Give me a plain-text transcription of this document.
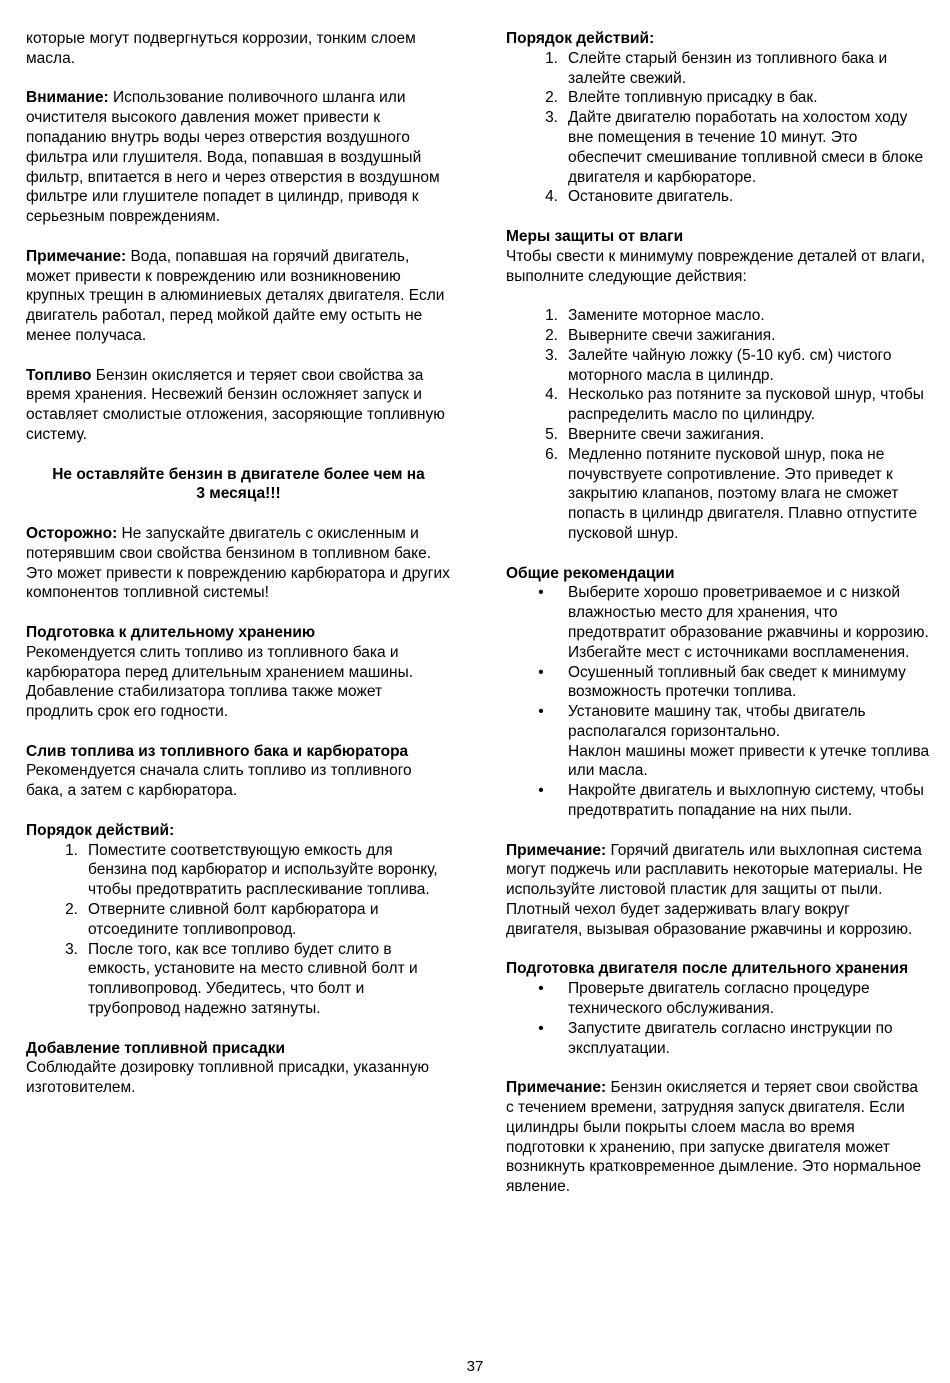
которые могут подвергнуться коррозии, тонким слоем масла.

Внимание: Использование поливочного шланга или очистителя высокого давления может привести к попаданию внутрь воды через отверстия воздушного фильтра или глушителя. Вода, попавшая в воздушный фильтр, впитается в него и через отверстия в воздушном фильтре или глушителе попадет в цилиндр, приводя к серьезным повреждениям.

Примечание: Вода, попавшая на горячий двигатель, может привести к повреждению или возникновению крупных трещин в алюминиевых деталях двигателя. Если двигатель работал, перед мойкой дайте ему остыть не менее получаса.

Топливо Бензин окисляется и теряет свои свойства за время хранения. Несвежий бензин осложняет запуск и оставляет смолистые отложения, засоряющие топливную систему.

Не оставляйте бензин в двигателе более чем на

3 месяца!!!

Осторожно: Не запускайте двигатель с окисленным и потерявшим свои свойства бензином в топливном баке. Это может привести к повреждению карбюратора и других компонентов топливной системы!

Подготовка к длительному хранению

Рекомендуется слить топливо из топливного бака и карбюратора перед длительным хранением машины. Добавление стабилизатора топлива также может продлить срок его годности.

Слив топлива из топливного бака и карбюратора

Рекомендуется сначала слить топливо из топливного бака, а затем с карбюратора.

Порядок действий:

1. Поместите соответствующую емкость для бензина под карбюратор и используйте воронку, чтобы предотвратить расплескивание топлива.
2. Отверните сливной болт карбюратора и отсоедините топливопровод.
3. После того, как все топливо будет слито в емкость, установите на место сливной болт и топливопровод. Убедитесь, что болт и трубопровод надежно затянуты.

Добавление топливной присадки

Соблюдайте дозировку топливной присадки, указанную изготовителем.

Порядок действий:

1. Слейте старый бензин из топливного бака и залейте свежий.
2. Влейте топливную присадку в бак.
3. Дайте двигателю поработать на холостом ходу вне помещения в течение 10 минут. Это обеспечит смешивание топливной смеси в блоке двигателя и карбюраторе.
4. Остановите двигатель.

Меры защиты от влаги

Чтобы свести к минимуму повреждение деталей от влаги, выполните следующие действия:

1. Замените моторное масло.
2. Выверните свечи зажигания.
3. Залейте чайную ложку (5-10 куб. см) чистого моторного масла в цилиндр.
4. Несколько раз потяните за пусковой шнур, чтобы распределить масло по цилиндру.
5. Вверните свечи зажигания.
6. Медленно потяните пусковой шнур, пока не почувствуете сопротивление. Это приведет к закрытию клапанов, поэтому влага не сможет попасть в цилиндр двигателя. Плавно отпустите пусковой шнур.

Общие рекомендации

• Выберите хорошо проветриваемое и с низкой влажностью место для хранения, что предотвратит образование ржавчины и коррозию. Избегайте мест с источниками воспламенения.
• Осушенный топливный бак сведет к минимуму возможность протечки топлива.
• Установите машину так, чтобы двигатель располагался горизонтально.
Наклон машины может привести к утечке топлива или масла.
• Накройте двигатель и выхлопную систему, чтобы предотвратить попадание на них пыли.

Примечание: Горячий двигатель или выхлопная система могут поджечь или расплавить некоторые материалы. Не используйте листовой пластик для защиты от пыли. Плотный чехол будет задерживать влагу вокруг двигателя, вызывая образование ржавчины и коррозию.

Подготовка двигателя после длительного хранения

• Проверьте двигатель согласно процедуре технического обслуживания.
• Запустите двигатель согласно инструкции по эксплуатации.

Примечание: Бензин окисляется и теряет свои свойства с течением времени, затрудняя запуск двигателя. Если цилиндры были покрыты слоем масла во время подготовки к хранению, при запуске двигателя может возникнуть кратковременное дымление. Это нормальное явление.

37
